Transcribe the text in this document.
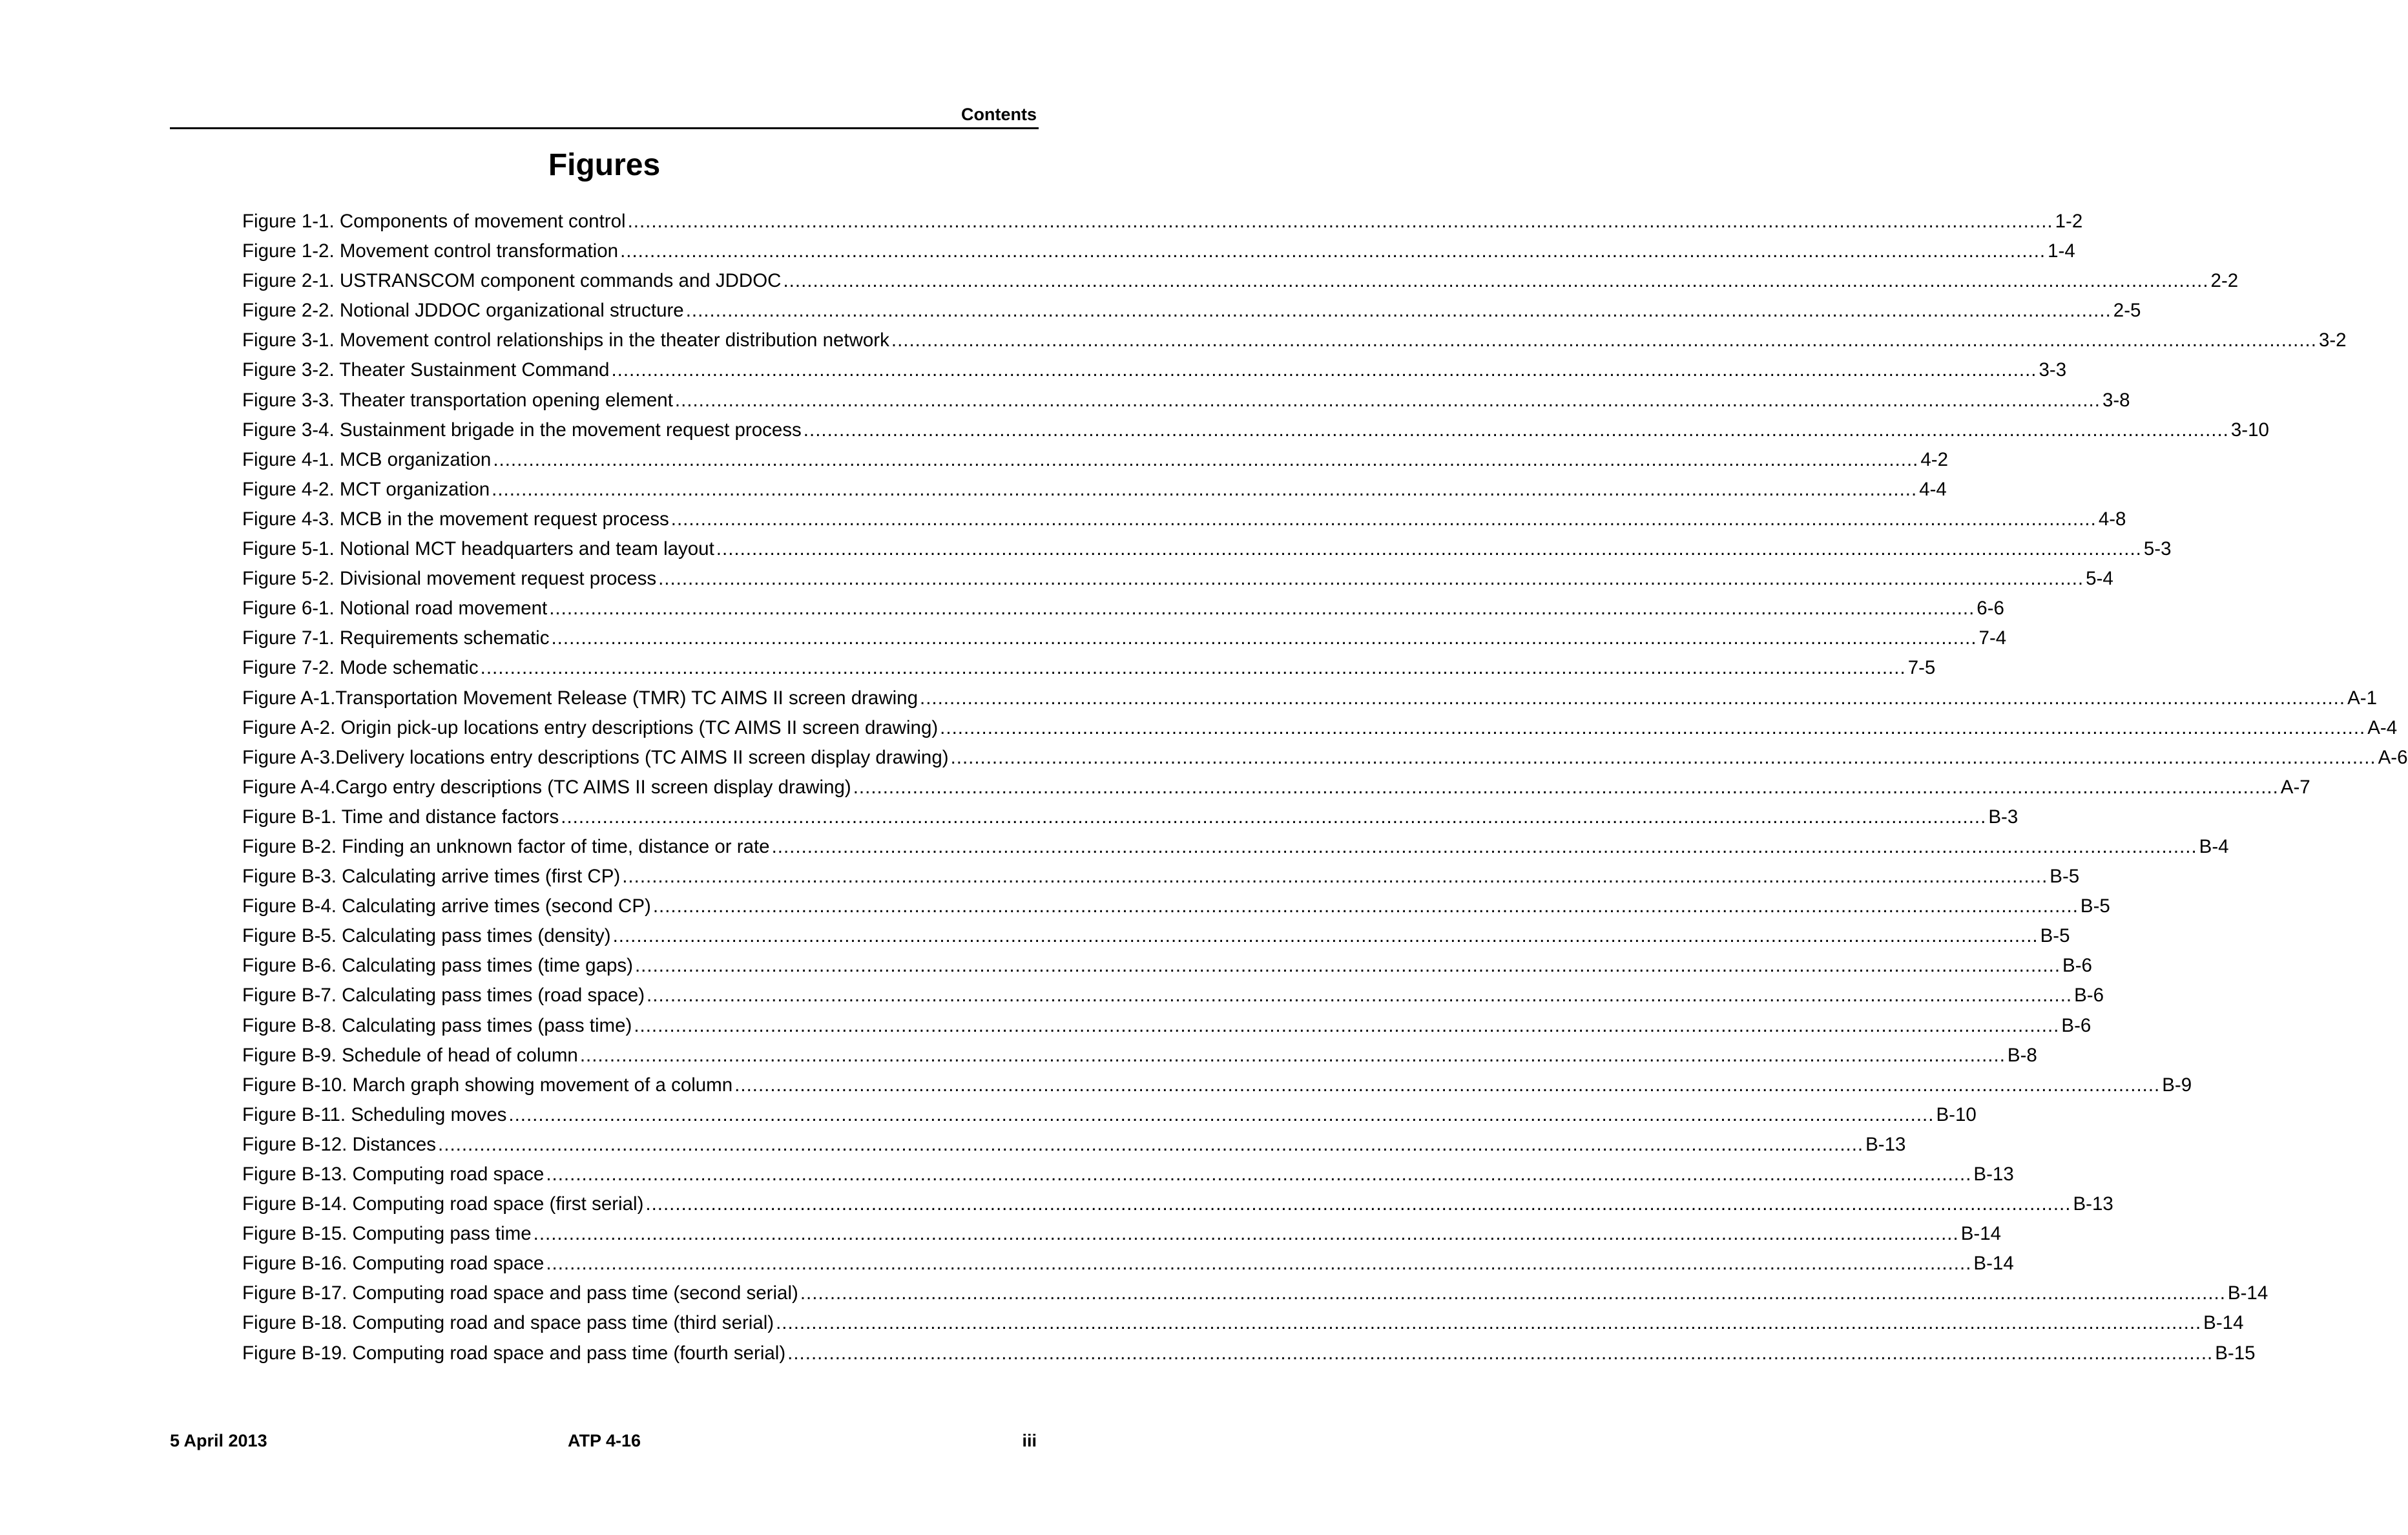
Contents
Figures
Figure 1-1. Components of movement control .....	1-2
Figure 1-2. Movement control transformation .....	1-4
Figure 2-1. USTRANSCOM component commands and JDDOC .....	2-2
Figure 2-2. Notional JDDOC organizational structure .....	2-5
Figure 3-1. Movement control relationships in the theater distribution network .....	3-2
Figure 3-2. Theater Sustainment Command .....	3-3
Figure 3-3. Theater transportation opening element .....	3-8
Figure 3-4. Sustainment brigade in the movement request process .....	3-10
Figure 4-1. MCB organization .....	4-2
Figure 4-2. MCT organization .....	4-4
Figure 4-3. MCB in the movement request process .....	4-8
Figure 5-1. Notional MCT headquarters and team layout .....	5-3
Figure 5-2. Divisional movement request process .....	5-4
Figure 6-1. Notional road movement .....	6-6
Figure 7-1. Requirements schematic .....	7-4
Figure 7-2. Mode schematic .....	7-5
Figure A-1.Transportation Movement Release (TMR) TC AIMS II screen drawing .....	A-1
Figure A-2. Origin pick-up locations entry descriptions (TC AIMS II screen drawing) .....	A-4
Figure A-3.Delivery locations entry descriptions (TC AIMS II screen display drawing) .....	A-6
Figure A-4.Cargo entry descriptions (TC AIMS II screen display drawing) .....	A-7
Figure B-1. Time and distance factors .....	B-3
Figure B-2. Finding an unknown factor of time, distance or rate .....	B-4
Figure B-3. Calculating arrive times (first CP) .....	B-5
Figure B-4. Calculating arrive times (second CP) .....	B-5
Figure B-5. Calculating pass times (density) .....	B-5
Figure B-6. Calculating pass times (time gaps) .....	B-6
Figure B-7. Calculating pass times (road space) .....	B-6
Figure B-8. Calculating pass times (pass time) .....	B-6
Figure B-9. Schedule of head of column .....	B-8
Figure B-10. March graph showing movement of a column .....	B-9
Figure B-11. Scheduling moves .....	B-10
Figure B-12. Distances .....	B-13
Figure B-13. Computing road space .....	B-13
Figure B-14. Computing road space (first serial) .....	B-13
Figure B-15. Computing pass time .....	B-14
Figure B-16. Computing road space .....	B-14
Figure B-17. Computing road space and pass time (second serial) .....	B-14
Figure B-18. Computing road and space pass time (third serial) .....	B-14
Figure B-19. Computing road space and pass time (fourth serial) .....	B-15
5 April 2013	ATP 4-16	iii
